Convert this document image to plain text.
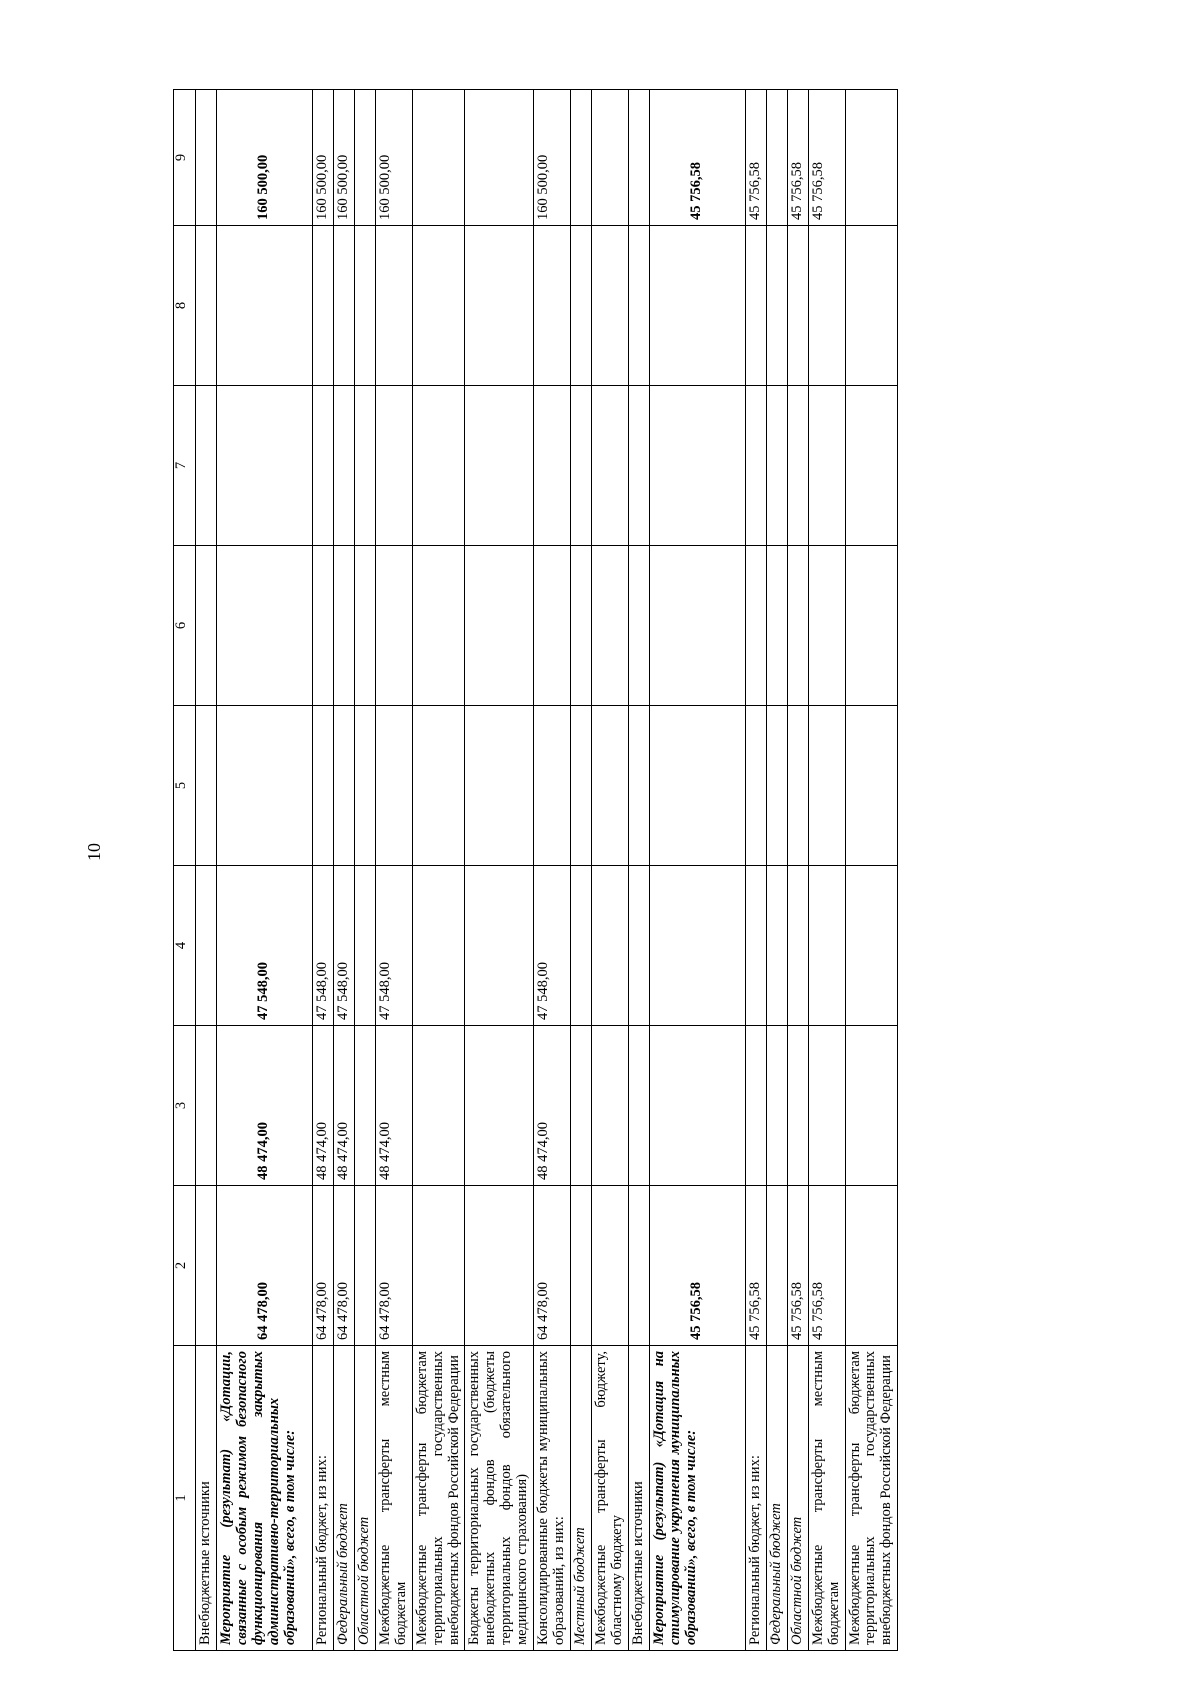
10
1	2	3	4	5	6	7	8	9
Внебюджетные источники								
Мероприятие (результат) «Дотации, связанные с особым режимом безопасного функционирования закрытых административно-территориальных образований», всего, в том числе:	64 478,00	48 474,00	47 548,00					160 500,00
Региональный бюджет, из них:	64 478,00	48 474,00	47 548,00					160 500,00
Федеральный бюджет	64 478,00	48 474,00	47 548,00					160 500,00
Областной бюджет								
Межбюджетные трансферты местным бюджетам	64 478,00	48 474,00	47 548,00					160 500,00
Межбюджетные трансферты бюджетам территориальных государственных внебюджетных фондов Российской Федерации								
Бюджеты территориальных государственных внебюджетных фондов (бюджеты территориальных фондов обязательного медицинского страхования)								
Консолидированные бюджеты муниципальных образований, из них:	64 478,00	48 474,00	47 548,00					160 500,00
Местный бюджет								
Межбюджетные трансферты бюджету, областному бюджету								
Внебюджетные источники								
Мероприятие (результат) «Дотация на стимулирование укрупнения муниципальных образований», всего, в том числе:	45 756,58							45 756,58
Региональный бюджет, из них:	45 756,58							45 756,58
Федеральный бюджет								
Областной бюджет	45 756,58							45 756,58
Межбюджетные трансферты местным бюджетам	45 756,58							45 756,58
Межбюджетные трансферты бюджетам территориальных государственных внебюджетных фондов Российской Федерации								
